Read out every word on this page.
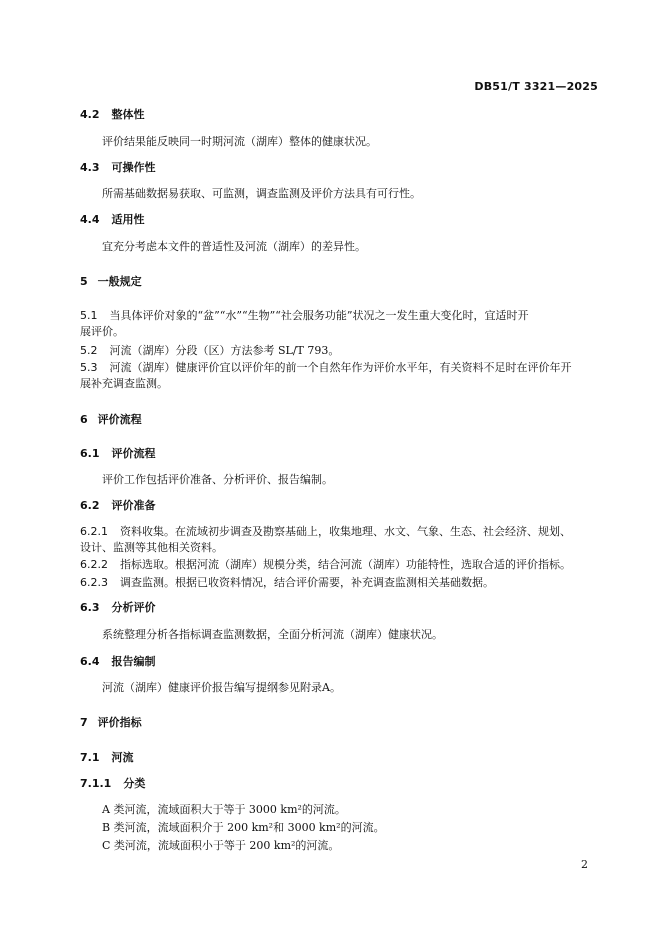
DB51/T 3321—2025
4.2 整体性
评价结果能反映同一时期河流（湖库）整体的健康状况。
4.3 可操作性
所需基础数据易获取、可监测，调查监测及评价方法具有可行性。
4.4 适用性
宜充分考虑本文件的普适性及河流（湖库）的差异性。
5 一般规定
5.1 当具体评价对象的“盆”“水”“生物”“社会服务功能”状况之一发生重大变化时，宜适时开
展评价。
5.2 河流（湖库）分段（区）方法参考 SL/T 793。
5.3 河流（湖库）健康评价宜以评价年的前一个自然年作为评价水平年，有关资料不足时在评价年开
展补充调查监测。
6 评价流程
6.1 评价流程
评价工作包括评价准备、分析评价、报告编制。
6.2 评价准备
6.2.1 资料收集。在流域初步调查及勘察基础上，收集地理、水文、气象、生态、社会经济、规划、
设计、监测等其他相关资料。
6.2.2 指标选取。根据河流（湖库）规模分类，结合河流（湖库）功能特性，选取合适的评价指标。
6.2.3 调查监测。根据已收资料情况，结合评价需要，补充调查监测相关基础数据。
6.3 分析评价
系统整理分析各指标调查监测数据，全面分析河流（湖库）健康状况。
6.4 报告编制
河流（湖库）健康评价报告编写提纲参见附录A。
7 评价指标
7.1 河流
7.1.1 分类
A 类河流，流域面积大于等于 3000 km²的河流。
B 类河流，流域面积介于 200 km²和 3000 km²的河流。
C 类河流，流域面积小于等于 200 km²的河流。
2
